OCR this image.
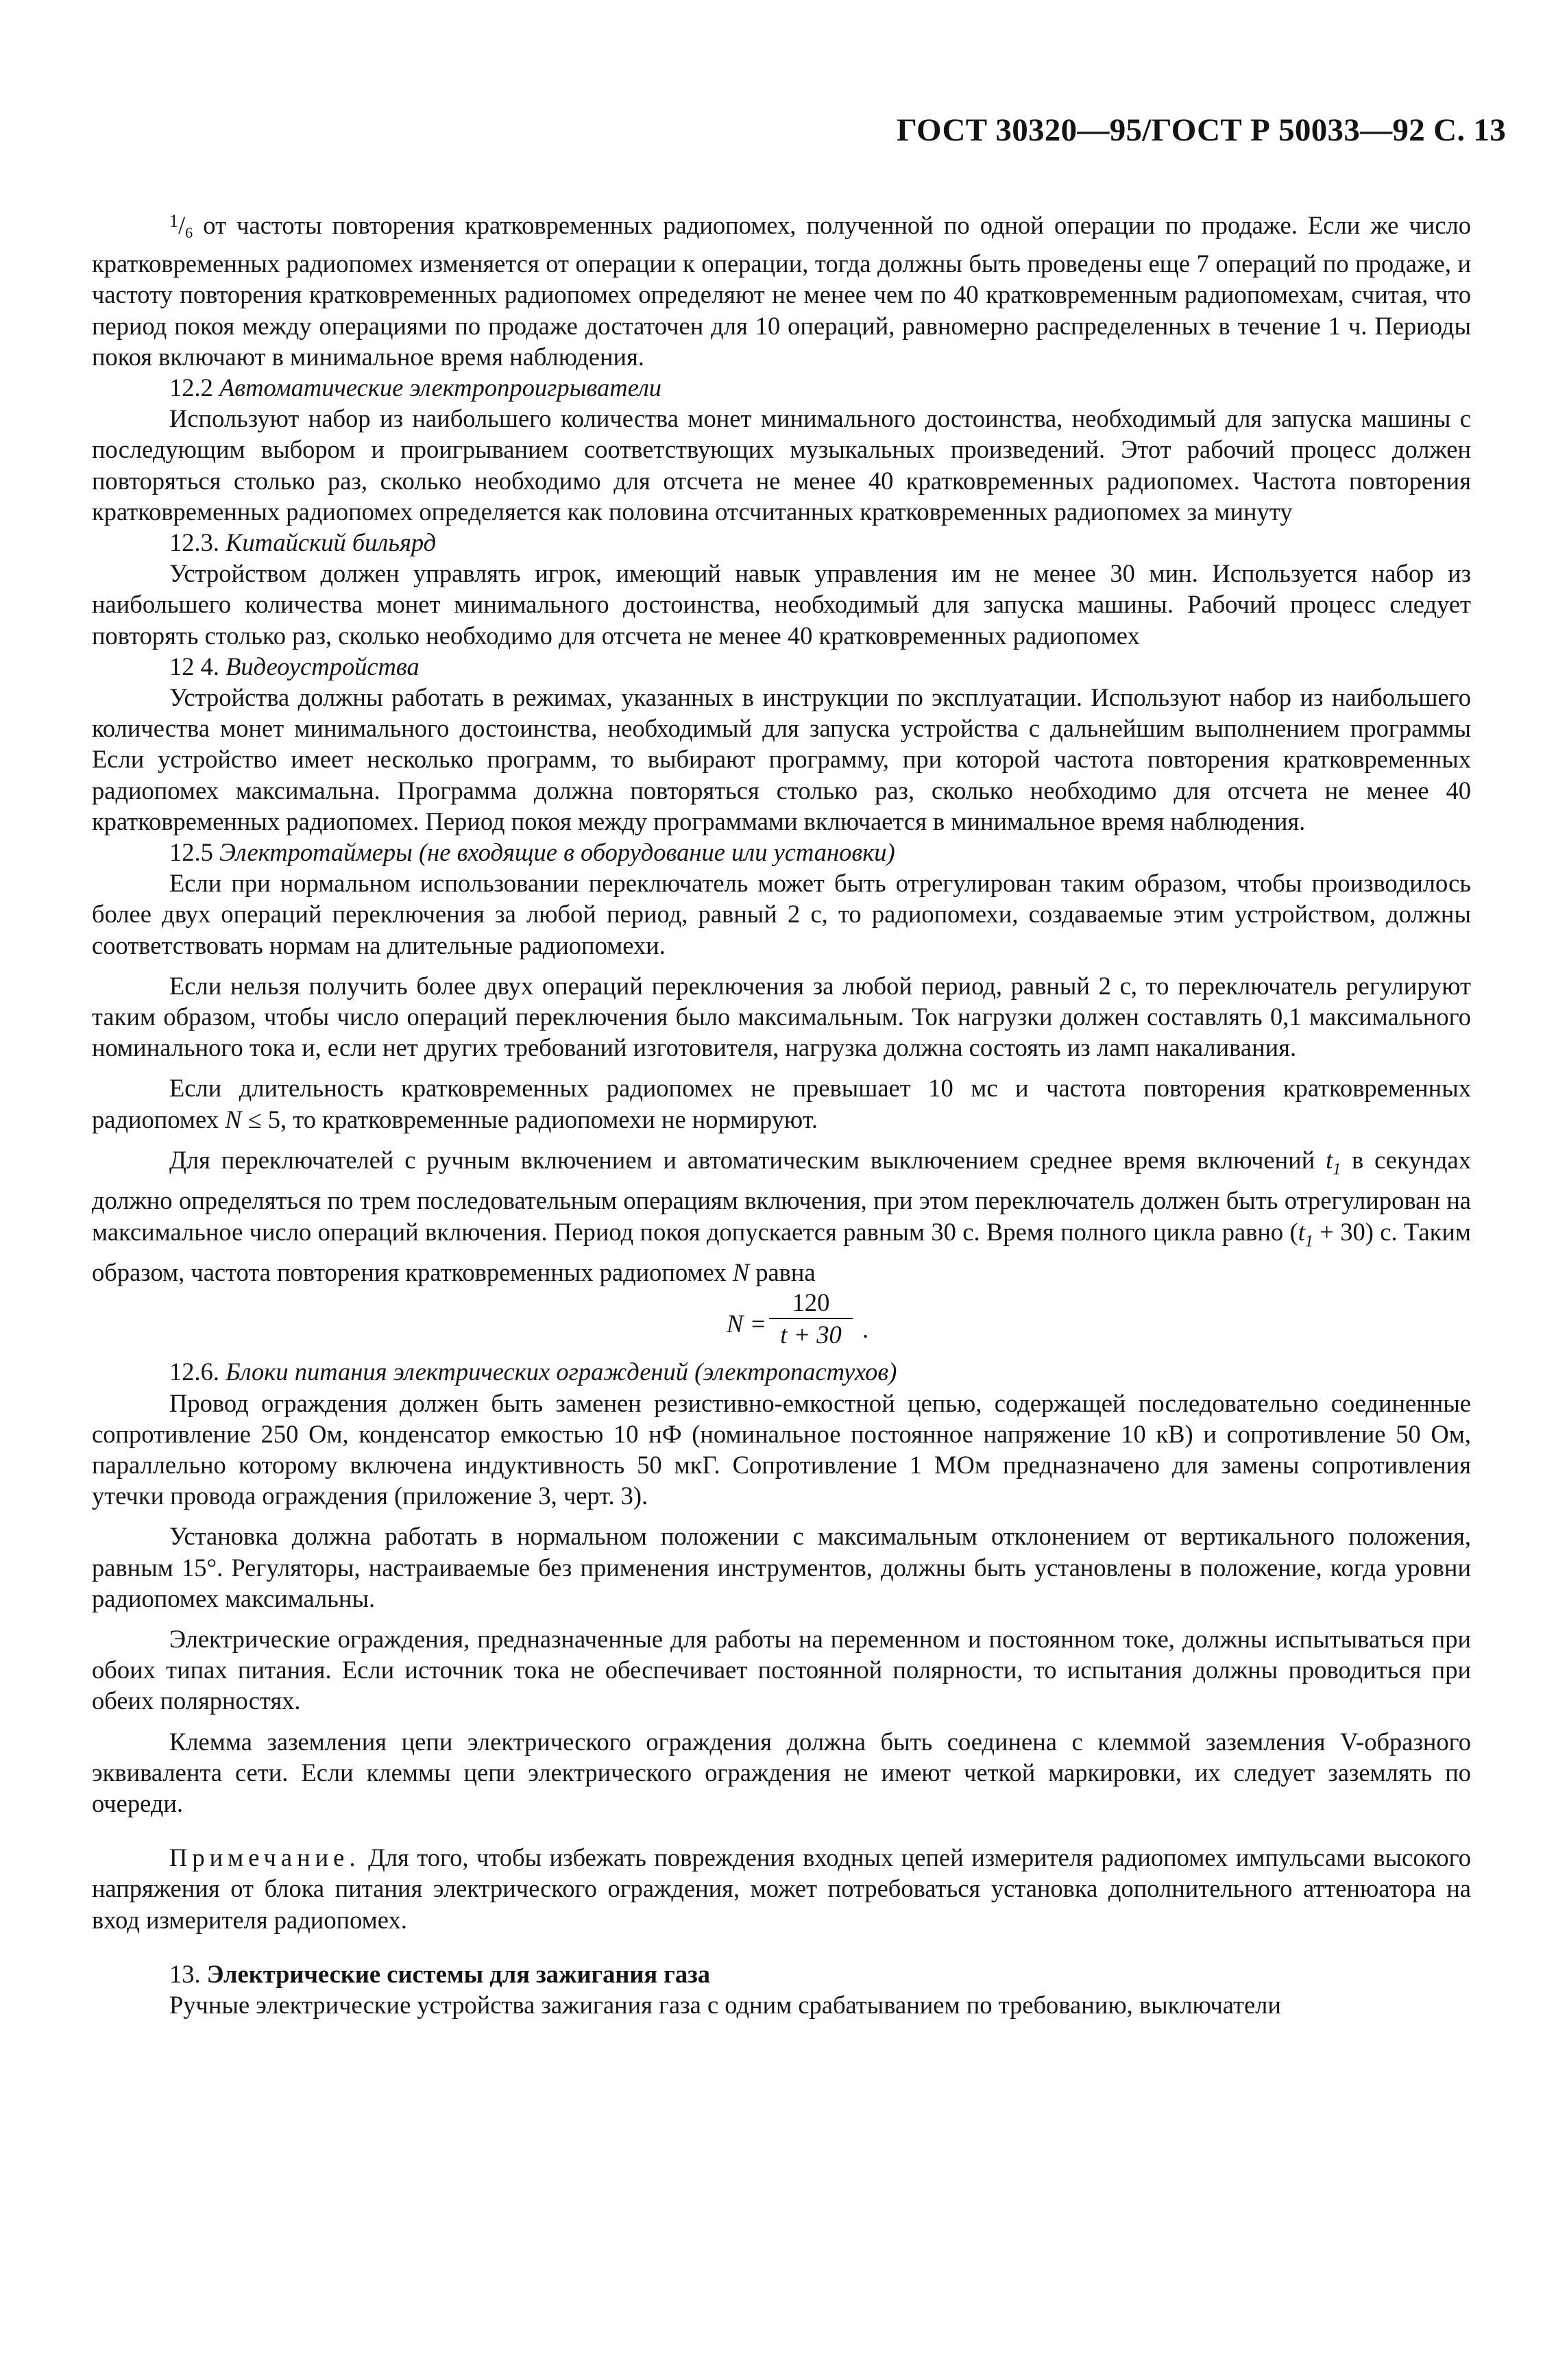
ГОСТ 30320—95/ГОСТ Р 50033—92 С. 13

$^1/_6$ от частоты повторения кратковременных радиопомех, полученной по одной операции по продаже. Если же число кратковременных радиопомех изменяется от операции к операции, тогда должны быть проведены еще 7 операций по продаже, и частоту повторения кратковременных радиопомех определяют не менее чем по 40 кратковременным радиопомехам, считая, что период покоя между операциями по продаже достаточен для 10 операций, равномерно распределенных в течение 1 ч. Периоды покоя включают в минимальное время наблюдения.

12.2 Автоматические электропроигрыватели

Используют набор из наибольшего количества монет минимального достоинства, необходимый для запуска машины с последующим выбором и проигрыванием соответствующих музыкальных произведений. Этот рабочий процесс должен повторяться столько раз, сколько необходимо для отсчета не менее 40 кратковременных радиопомех. Частота повторения кратковременных радиопомех определяется как половина отсчитанных кратковременных радиопомех за минуту

12.3. Китайский бильярд

Устройством должен управлять игрок, имеющий навык управления им не менее 30 мин. Используется набор из наибольшего количества монет минимального достоинства, необходимый для запуска машины. Рабочий процесс следует повторять столько раз, сколько необходимо для отсчета не менее 40 кратковременных радиопомех

12 4. Видеоустройства

Устройства должны работать в режимах, указанных в инструкции по эксплуатации. Используют набор из наибольшего количества монет минимального достоинства, необходимый для запуска устройства с дальнейшим выполнением программы Если устройство имеет несколько программ, то выбирают программу, при которой частота повторения кратковременных радиопомех максимальна. Программа должна повторяться столько раз, сколько необходимо для отсчета не менее 40 кратковременных радиопомех. Период покоя между программами включается в минимальное время наблюдения.

12.5 Электротаймеры (не входящие в оборудование или установки)

Если при нормальном использовании переключатель может быть отрегулирован таким образом, чтобы производилось более двух операций переключения за любой период, равный 2 с, то радиопомехи, создаваемые этим устройством, должны соответствовать нормам на длительные радиопомехи.

Если нельзя получить более двух операций переключения за любой период, равный 2 с, то переключатель регулируют таким образом, чтобы число операций переключения было максимальным. Ток нагрузки должен составлять 0,1 максимального номинального тока и, если нет других требований изготовителя, нагрузка должна состоять из ламп накаливания.

Если длительность кратковременных радиопомех не превышает 10 мс и частота повторения кратковременных радиопомех N ≤ 5, то кратковременные радиопомехи не нормируют.

Для переключателей с ручным включением и автоматическим выключением среднее время включений $t_1$ в секундах должно определяться по трем последовательным операциям включения, при этом переключатель должен быть отрегулирован на максимальное число операций включения. Период покоя допускается равным 30 с. Время полного цикла равно $(t_1 + 30)$ с. Таким образом, частота повторения кратковременных радиопомех N равна

$N = \frac{120}{t + 30}$ .

12.6. Блоки питания электрических ограждений (электропастухов)

Провод ограждения должен быть заменен резистивно-емкостной цепью, содержащей последовательно соединенные сопротивление 250 Ом, конденсатор емкостью 10 нФ (номинальное постоянное напряжение 10 кВ) и сопротивление 50 Ом, параллельно которому включена индуктивность 50 мкГ. Сопротивление 1 МОм предназначено для замены сопротивления утечки провода ограждения (приложение 3, черт. 3).

Установка должна работать в нормальном положении с максимальным отклонением от вертикального положения, равным 15°. Регуляторы, настраиваемые без применения инструментов, должны быть установлены в положение, когда уровни радиопомех максимальны.

Электрические ограждения, предназначенные для работы на переменном и постоянном токе, должны испытываться при обоих типах питания. Если источник тока не обеспечивает постоянной полярности, то испытания должны проводиться при обеих полярностях.

Клемма заземления цепи электрического ограждения должна быть соединена с клеммой заземления V-образного эквивалента сети. Если клеммы цепи электрического ограждения не имеют четкой маркировки, их следует заземлять по очереди.

Примечание. Для того, чтобы избежать повреждения входных цепей измерителя радиопомех импульсами высокого напряжения от блока питания электрического ограждения, может потребоваться установка дополнительного аттенюатора на вход измерителя радиопомех.

13. Электрические системы для зажигания газа

Ручные электрические устройства зажигания газа с одним срабатыванием по требованию, выключатели
